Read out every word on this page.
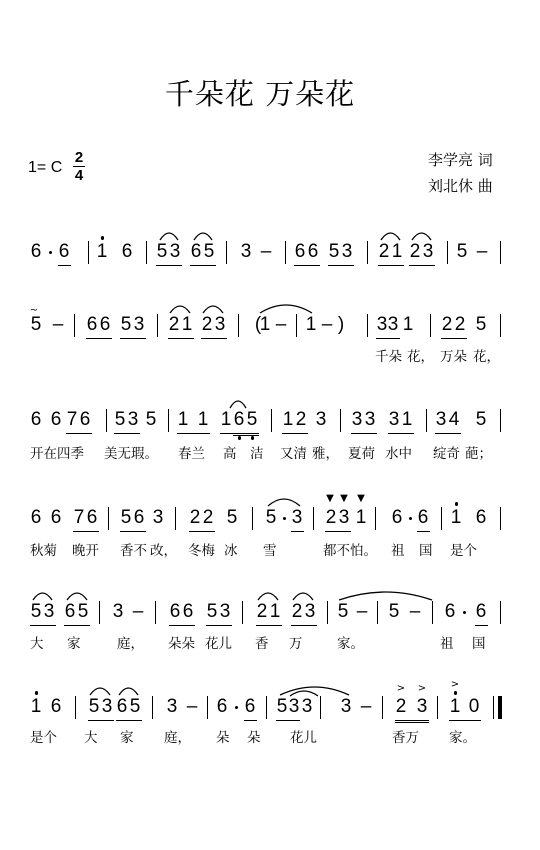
千朵花 万朵花
1= C
2
4
李学亮 词
刘北休 曲
6 6 1 6 5 3 6 5 3 – 6 6 5 3 2 1 2 3 5 –
5 – 6 6 5 3 2 1 2 3 (
1 – 1 – ) 3 3 1 2 2 5
6 6 7 6 5 3 5 1 1 1 6 5 1 2 3 3 3 3 1 3 4 5
6 6 7 6 5 6 3 2 2 5 5 3 2 3 1 6 6 1 6
5 3 6 5 3 – 6 6 5 3 2 1 2 3 5 – 5 – 6 6
1 6 5 3 6 5 3 – 6 6 5 3 3 3 – 2 3 1 0
千朵 花， 万朵 花，
开在四季 美无瑕。 春兰 高 洁 又清 雅， 夏荷 水中 绽奇 葩；
秋菊 晚开 香不 改， 冬梅 冰 雪	都不怕。 祖 国 是个
大 家	庭， 朵朵 花儿 香 万	家。	祖 国
是个 大 家 庭， 朵 朵 花儿	香万 家。
~
▼ ▼ ▼
> > >
